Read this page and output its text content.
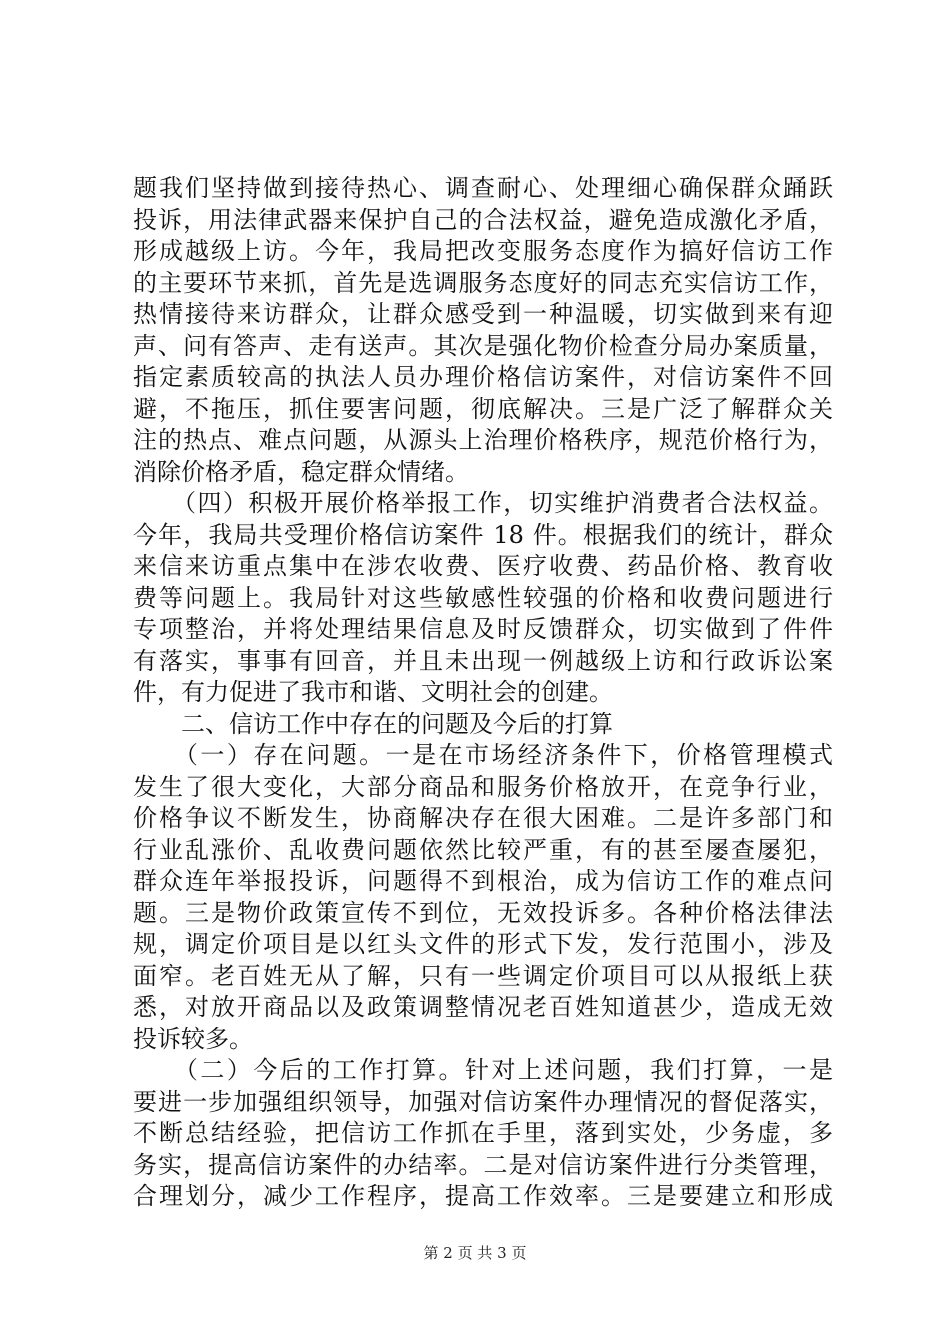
题我们坚持做到接待热心、调查耐心、处理细心确保群众踊跃
投诉，用法律武器来保护自己的合法权益，避免造成激化矛盾，
形成越级上访。今年，我局把改变服务态度作为搞好信访工作
的主要环节来抓，首先是选调服务态度好的同志充实信访工作，
热情接待来访群众，让群众感受到一种温暖，切实做到来有迎
声、问有答声、走有送声。其次是强化物价检查分局办案质量，
指定素质较高的执法人员办理价格信访案件，对信访案件不回
避，不拖压，抓住要害问题，彻底解决。三是广泛了解群众关
注的热点、难点问题，从源头上治理价格秩序，规范价格行为，
消除价格矛盾，稳定群众情绪。
　　（四）积极开展价格举报工作，切实维护消费者合法权益。
今年，我局共受理价格信访案件 18 件。根据我们的统计，群众
来信来访重点集中在涉农收费、医疗收费、药品价格、教育收
费等问题上。我局针对这些敏感性较强的价格和收费问题进行
专项整治，并将处理结果信息及时反馈群众，切实做到了件件
有落实，事事有回音，并且未出现一例越级上访和行政诉讼案
件，有力促进了我市和谐、文明社会的创建。
　　二、信访工作中存在的问题及今后的打算
　　（一）存在问题。一是在市场经济条件下，价格管理模式
发生了很大变化，大部分商品和服务价格放开，在竞争行业，
价格争议不断发生，协商解决存在很大困难。二是许多部门和
行业乱涨价、乱收费问题依然比较严重，有的甚至屡查屡犯，
群众连年举报投诉，问题得不到根治，成为信访工作的难点问
题。三是物价政策宣传不到位，无效投诉多。各种价格法律法
规，调定价项目是以红头文件的形式下发，发行范围小，涉及
面窄。老百姓无从了解，只有一些调定价项目可以从报纸上获
悉，对放开商品以及政策调整情况老百姓知道甚少，造成无效
投诉较多。
　　（二）今后的工作打算。针对上述问题，我们打算，一是
要进一步加强组织领导，加强对信访案件办理情况的督促落实，
不断总结经验，把信访工作抓在手里，落到实处，少务虚，多
务实，提高信访案件的办结率。二是对信访案件进行分类管理，
合理划分，减少工作程序，提高工作效率。三是要建立和形成
第 2 页 共 3 页
